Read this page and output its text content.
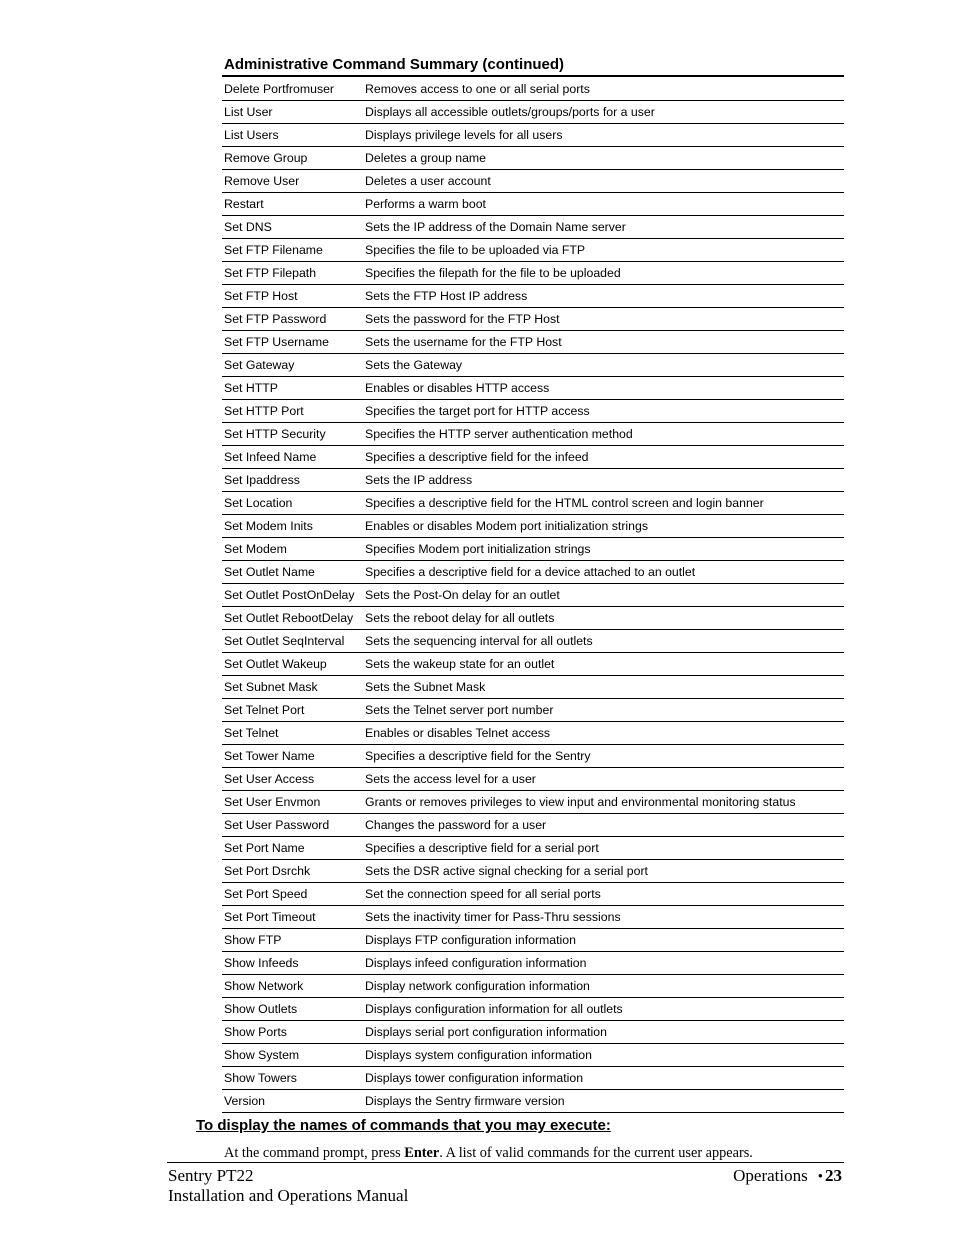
Administrative Command Summary (continued)
Delete Portfromuser	Removes access to one or all serial ports
List User	Displays all accessible outlets/groups/ports for a user
List Users	Displays privilege levels for all users
Remove Group	Deletes a group name
Remove User	Deletes a user account
Restart	Performs a warm boot
Set DNS	Sets the IP address of the Domain Name server
Set FTP Filename	Specifies the file to be uploaded via FTP
Set FTP Filepath	Specifies the filepath for the file to be uploaded
Set FTP Host	Sets the FTP Host IP address
Set FTP Password	Sets the password for the FTP Host
Set FTP Username	Sets the username for the FTP Host
Set Gateway	Sets the Gateway
Set HTTP	Enables or disables HTTP access
Set HTTP Port	Specifies the target port for HTTP access
Set HTTP Security	Specifies the HTTP server authentication method
Set Infeed Name	Specifies a descriptive field for the infeed
Set Ipaddress	Sets the IP address
Set Location	Specifies a descriptive field for the HTML control screen and login banner
Set Modem Inits	Enables or disables Modem port initialization strings
Set Modem	Specifies Modem port initialization strings
Set Outlet Name	Specifies a descriptive field for a device attached to an outlet
Set Outlet PostOnDelay	Sets the Post-On delay for an outlet
Set Outlet RebootDelay	Sets the reboot delay for all outlets
Set Outlet SeqInterval	Sets the sequencing interval for all outlets
Set Outlet Wakeup	Sets the wakeup state for an outlet
Set Subnet Mask	Sets the Subnet Mask
Set Telnet Port	Sets the Telnet server port number
Set Telnet	Enables or disables Telnet access
Set Tower Name	Specifies a descriptive field for the Sentry
Set User Access	Sets the access level for a user
Set User Envmon	Grants or removes privileges to view input and environmental monitoring status
Set User Password	Changes the password for a user
Set Port Name	Specifies a descriptive field for a serial port
Set Port Dsrchk	Sets the DSR active signal checking for a serial port
Set Port Speed	Set the connection speed for all serial ports
Set Port Timeout	Sets the inactivity timer for Pass-Thru sessions
Show FTP	Displays FTP configuration information
Show Infeeds	Displays infeed configuration information
Show Network	Display network configuration information
Show Outlets	Displays configuration information for all outlets
Show Ports	Displays serial port configuration information
Show System	Displays system configuration information
Show Towers	Displays tower configuration information
Version	Displays the Sentry firmware version
To display the names of commands that you may execute:

At the command prompt, press Enter. A list of valid commands for the current user appears.

Sentry PT22
Installation and Operations Manual
Operations • 23
